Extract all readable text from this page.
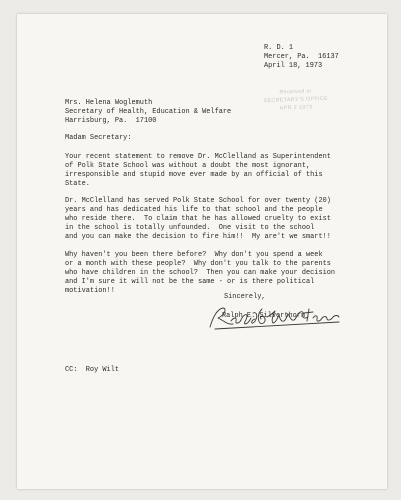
R. D. 1
Mercer, Pa.  16137
April 18, 1973
Received in
SECRETARY'S OFFICE
APR 2 1973
Mrs. Helena Woglemuth
Secretary of Health, Education & Welfare
Harrisburg, Pa.  17100
Madam Secretary:
Your recent statement to remove Dr. McClelland as Superintendent
of Polk State School was without a doubt the most ignorant,
irresponsible and stupid move ever made by an official of this
State.
Dr. McClelland has served Polk State School for over twenty (20)
years and has dedicated his life to that school and the people
who reside there.  To claim that he has allowed cruelty to exist
in the school is totally unfounded.  One visit to the school
and you can make the decision to fire him!!  My are't we smart!!
Why haven't you been there before?  Why don't you spend a week
or a month with these people?  Why don't you talk to the parents
who have children in the school?  Then you can make your decision
and I'm sure it will not be the same - or is there political
motivation!!
Sincerely,
Ralph E. Silverthorn
CC:  Roy Wilt
